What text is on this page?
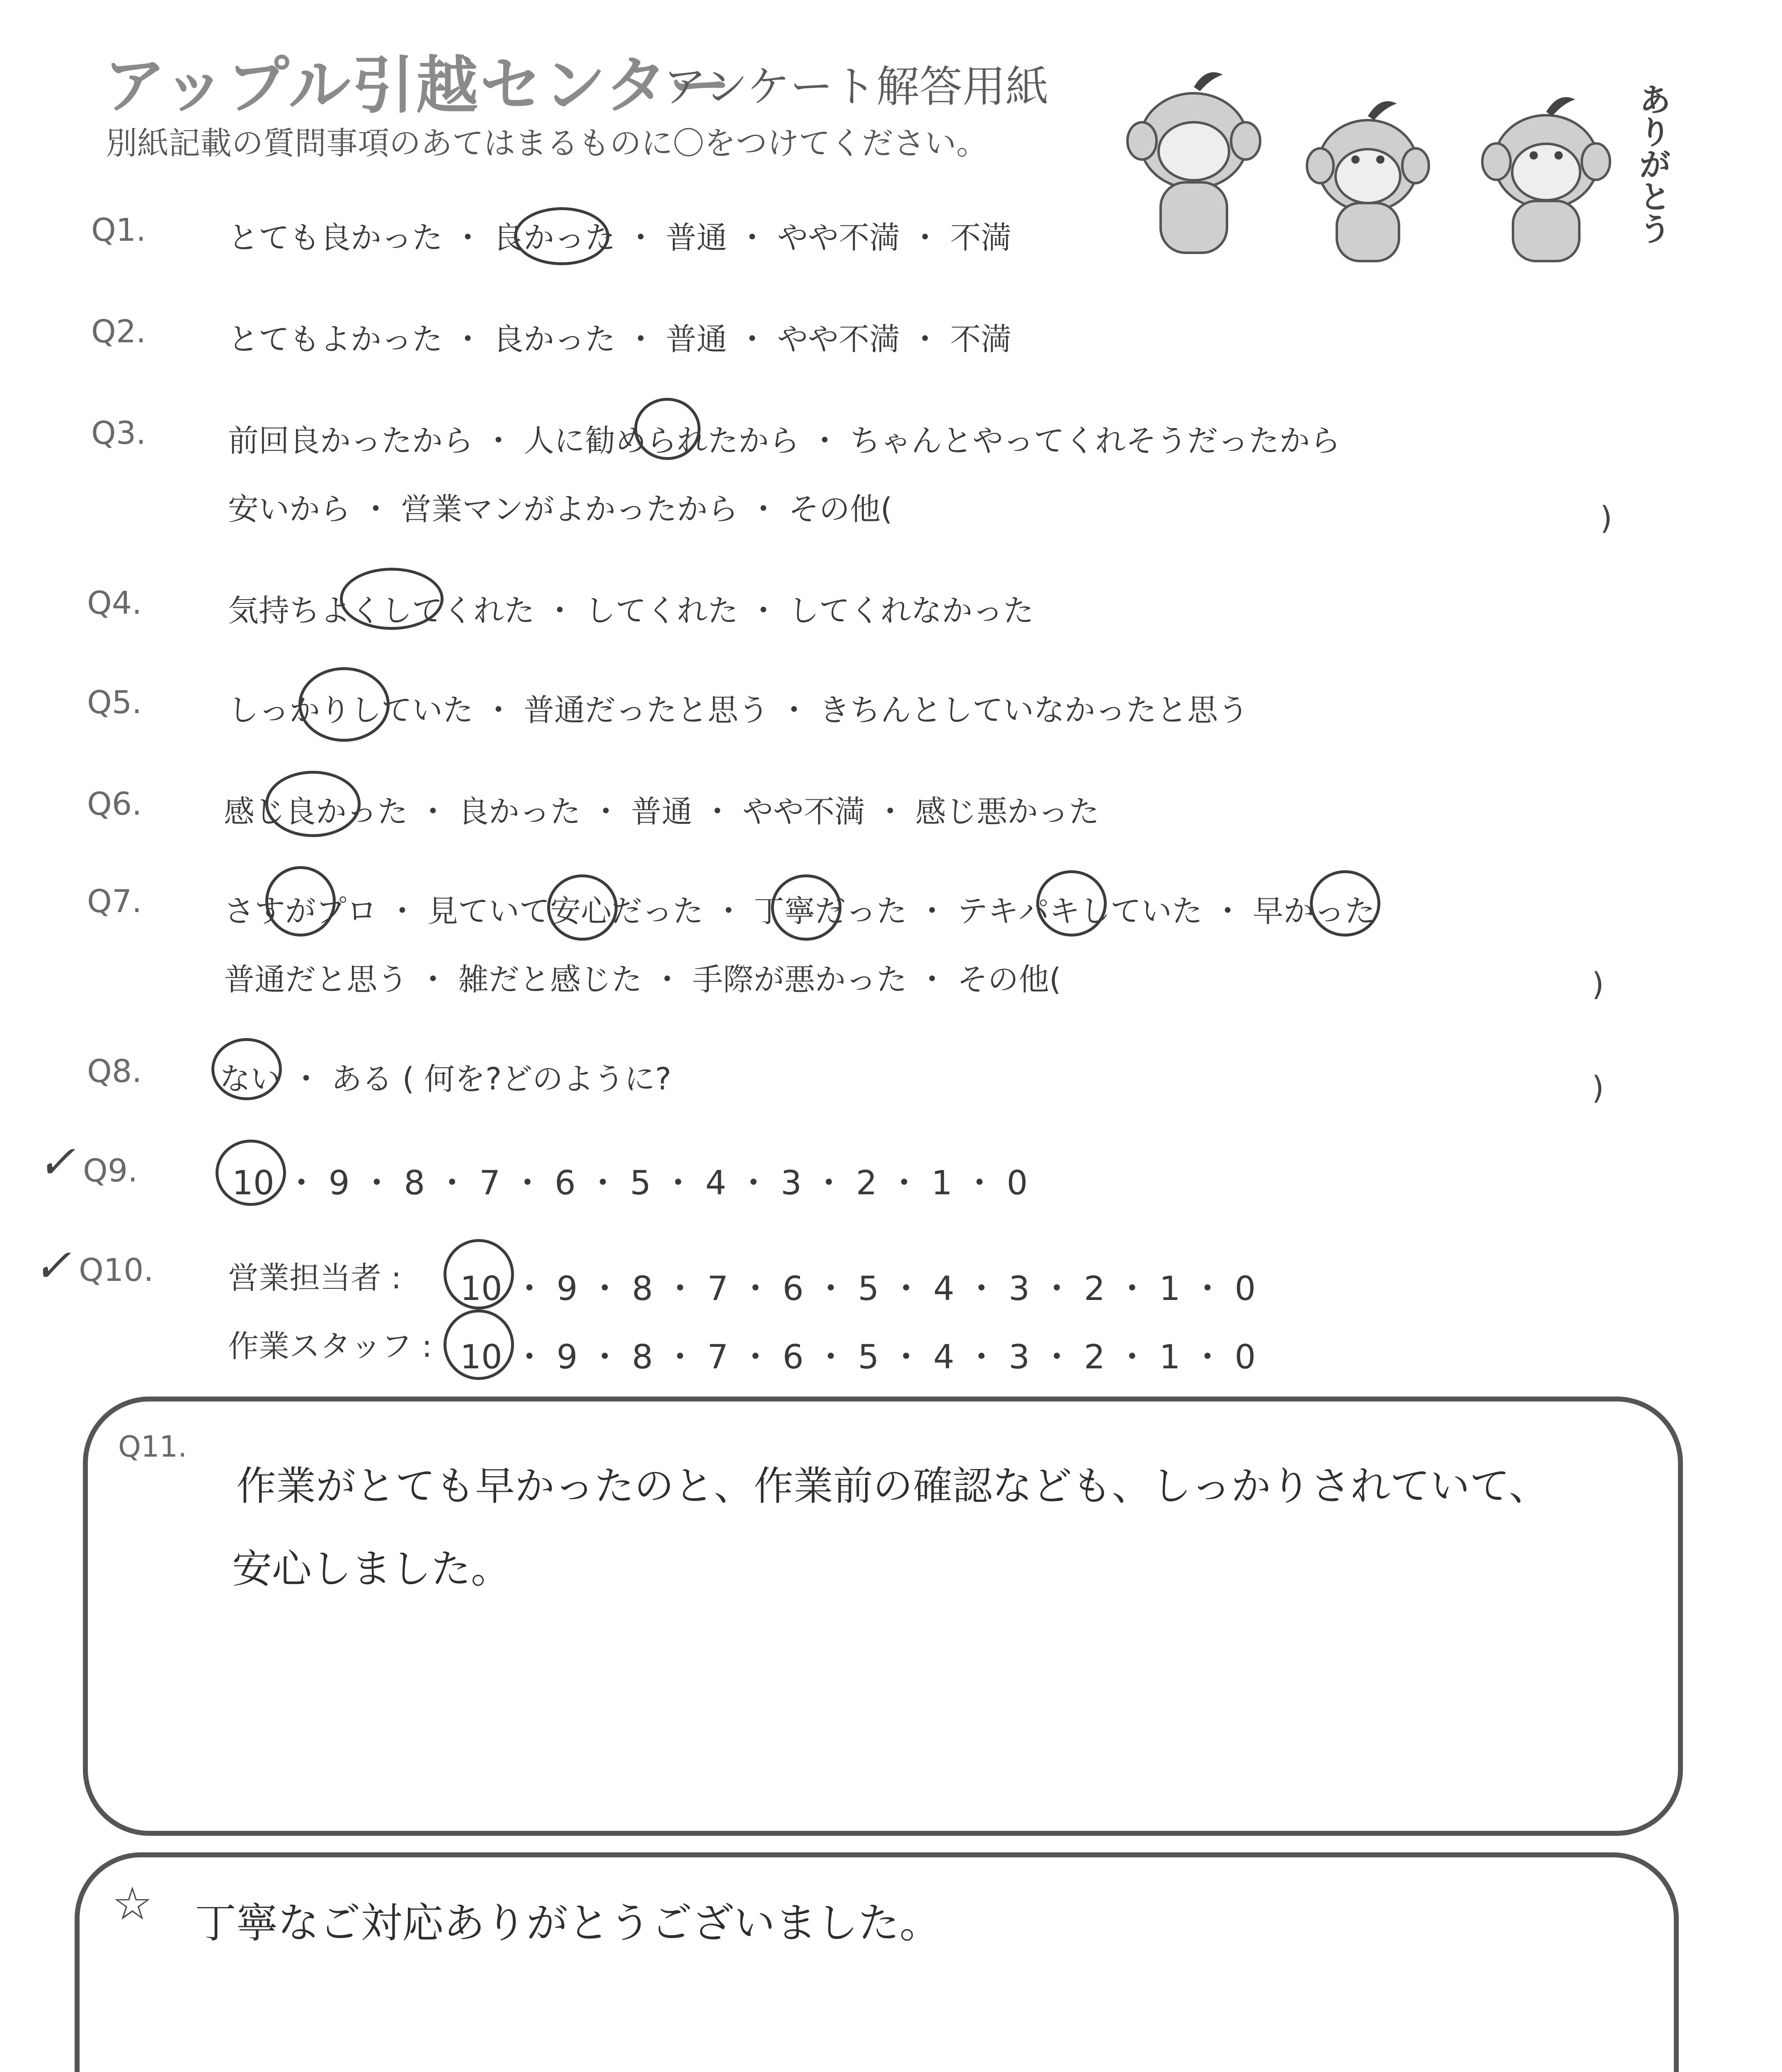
アップル引越センター
アンケート解答用紙
別紙記載の質問事項のあてはまるものに〇をつけてください。	ありがとう
Q1.	とても良かった ・ 良かった ・ 普通 ・ やや不満 ・ 不満
Q2.	とてもよかった ・ 良かった ・ 普通 ・ やや不満 ・ 不満
Q3.	前回良かったから ・ 人に勧められたから ・ ちゃんとやってくれそうだったから
安いから ・ 営業マンがよかったから ・ その他(	)
Q4.	気持ちよくしてくれた ・ してくれた ・ してくれなかった
Q5.	しっかりしていた ・ 普通だったと思う ・ きちんとしていなかったと思う
Q6.	感じ良かった ・ 良かった ・ 普通 ・ やや不満 ・ 感じ悪かった
Q7.	さすがプロ ・ 見ていて安心だった ・ 丁寧だった ・ テキパキしていた ・ 早かった
普通だと思う ・ 雑だと感じた ・ 手際が悪かった ・ その他(	)
Q8.	ない ・ ある ( 何を?どのように?	)
✓ Q9.	10 ・ 9 ・ 8 ・ 7 ・ 6 ・ 5 ・ 4 ・ 3 ・ 2 ・ 1 ・ 0
✓ Q10. 営業担当者 : 10 ・ 9 ・ 8 ・ 7 ・ 6 ・ 5 ・ 4 ・ 3 ・ 2 ・ 1 ・ 0
作業スタッフ : 10 ・ 9 ・ 8 ・ 7 ・ 6 ・ 5 ・ 4 ・ 3 ・ 2 ・ 1 ・ 0
Q11.
作業がとても早かったのと、作業前の確認なども、しっかりされていて、
安心しました。
☆ 丁寧なご対応ありがとうございました。
